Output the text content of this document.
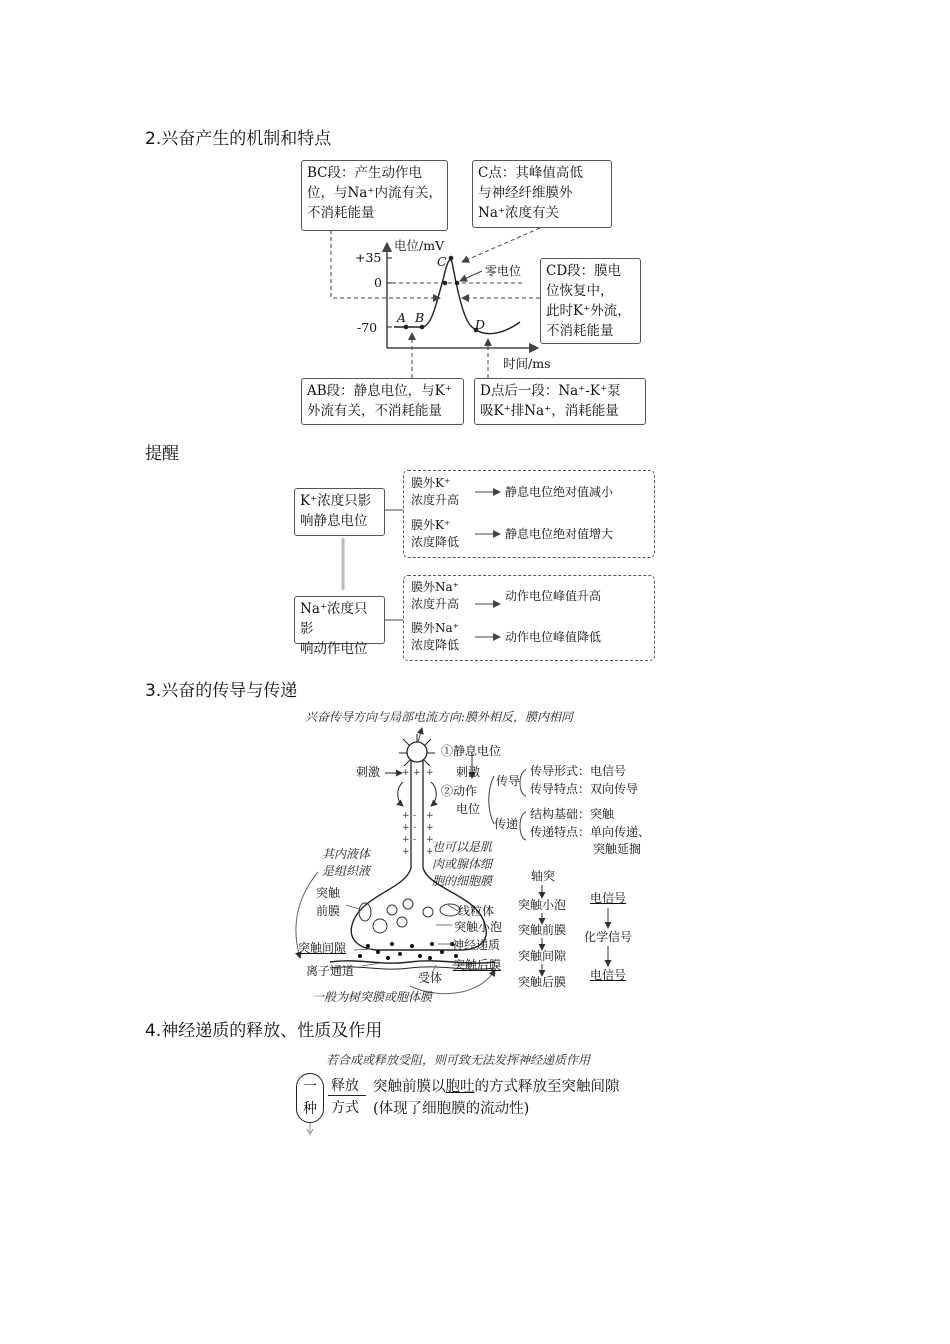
2.兴奋产生的机制和特点
提醒
3.兴奋的传导与传递
4.神经递质的释放、性质及作用
BC段：产生动作电
位，与Na⁺内流有关，
不消耗能量
C点：其峰值高低
与神经纤维膜外
Na⁺浓度有关
CD段：膜电
位恢复中，
此时K⁺外流，
不消耗能量
AB段：静息电位，与K⁺
外流有关，不消耗能量
D点后一段：Na⁺-K⁺泵
吸K⁺排Na⁺，消耗能量
电位/mV
时间/ms
+35
0
-70
A B
C
D
零电位
K⁺浓度只影
响静息电位
Na⁺浓度只影
响动作电位
膜外K⁺
浓度升高
静息电位绝对值减小
膜外K⁺
浓度降低
静息电位绝对值增大
膜外Na⁺
浓度升高
动作电位峰值升高
膜外Na⁺
浓度降低
动作电位峰值降低
+ +
+ +
+ +
+ +
+ +
+
-
-
-
兴奋传导方向与局部电流方向:膜外相反，膜内相同
刺激
①静息电位
刺激
②动作
电位
传导
传导形式：电信号
传导特点：双向传导
传递
结构基础：突触
传递特点：单向传递、
突触延搁
其内液体
是组织液
突触
前膜
突触间隙
离子通道	受体
一般为树突膜或胞体膜
也可以是肌
肉或腺体细
胞的细胞膜
线粒体
突触小泡
神经递质
突触后膜
轴突
突触小泡
突触前膜
突触间隙
突触后膜
电信号
化学信号
电信号
若合成或释放受阻，则可致无法发挥神经递质作用
一
种
释放
方式
突触前膜以胞吐的方式释放至突触间隙
(体现了细胞膜的流动性)
